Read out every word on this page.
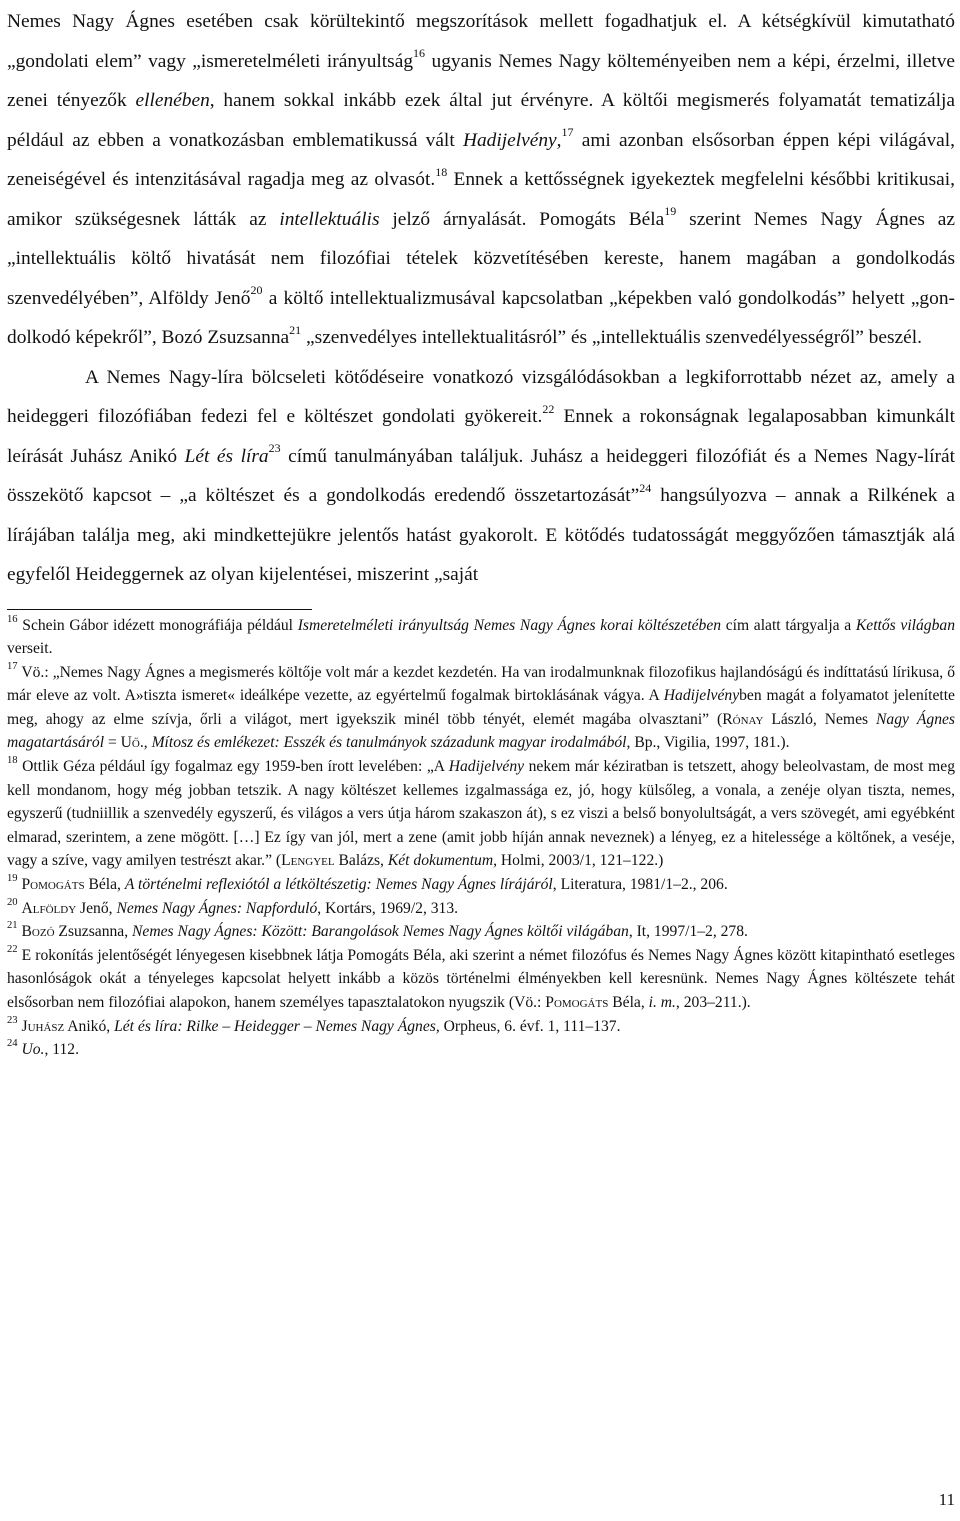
Nemes Nagy Ágnes esetében csak körültekintő megszorítások mellett fogadhatjuk el. A kétségkívül kimutatható „gondolati elem” vagy „ismeretelméleti irányultság$^{16}$ ugyanis Nemes Nagy költeményeiben nem a képi, érzelmi, illetve zenei tényezők ellenében, hanem sokkal inkább ezek által jut érvényre. A költői megismerés folyamatát tematizálja például az ebben a vonatkozásban emblematikussá vált Hadijelvény,$^{17}$ ami azonban elsősorban éppen képi világával, zeneiségével és intenzitásával ragadja meg az olvasót.$^{18}$ Ennek a kettősségnek igyekeztek megfelelni későbbi kritikusai, amikor szükségesnek látták az intellektuális jelző árnyalását. Pomogáts Béla$^{19}$ szerint Nemes Nagy Ágnes az „intellektuális költő hivatását nem filozófiai tételek közvetítésében kereste, hanem magában a gondolkodás szenvedélyében”, Alföldy Jenő$^{20}$ a költő intellektualizmusával kapcsolatban „képekben való gondolkodás” helyett „gondolkodó képekről”, Bozó Zsuzsanna$^{21}$ „szenvedélyes intellektualitásról” és „intellektuális szenvedélyességről” beszél.

A Nemes Nagy-líra bölcseleti kötődéseire vonatkozó vizsgálódásokban a legkiforrottabb nézet az, amely a heideggeri filozófiában fedezi fel e költészet gondolati gyökereit.$^{22}$ Ennek a rokonságnak legalaposabban kimunkált leírását Juhász Anikó Lét és líra$^{23}$ című tanulmányában találjuk. Juhász a heideggeri filozófiát és a Nemes Nagy-lírát összekötő kapcsot – „a költészet és a gondolkodás eredendő összetartozását”$^{24}$ hangsúlyozva – annak a Rilkének a lírájában találja meg, aki mindkettejükre jelentős hatást gyakorolt. E kötődés tudatosságát meggyőzően támasztják alá egyfelől Heideggernek az olyan kijelentései, miszerint „saját

$^{16}$ Schein Gábor idézett monográfiája például Ismeretelméleti irányultság Nemes Nagy Ágnes korai költészetében cím alatt tárgyalja a Kettős világban verseit.

$^{17}$ Vö.: „Nemes Nagy Ágnes a megismerés költője volt már a kezdet kezdetén. Ha van irodalmunknak filozofikus hajlandóságú és indíttatású lírikusa, ő már eleve az volt. A»tiszta ismeret« ideálképe vezette, az egyértelmű fogalmak birtoklásának vágya. A Hadijelvényben magát a folyamatot jelenítette meg, ahogy az elme szívja, őrli a világot, mert igyekszik minél több tényét, elemét magába olvasztani” (Rónay László, Nemes Nagy Ágnes magatartásáról = Uő., Mítosz és emlékezet: Esszék és tanulmányok századunk magyar irodalmából, Bp., Vigilia, 1997, 181.).

$^{18}$ Ottlik Géza például így fogalmaz egy 1959-ben írott levelében: „A Hadijelvény nekem már kéziratban is tetszett, ahogy beleolvastam, de most meg kell mondanom, hogy még jobban tetszik. A nagy költészet kellemes izgalmassága ez, jó, hogy külsőleg, a vonala, a zenéje olyan tiszta, nemes, egyszerű (tudniillik a szenvedély egyszerű, és világos a vers útja három szakaszon át), s ez viszi a belső bonyolultságát, a vers szövegét, ami egyébként elmarad, szerintem, a zene mögött. […] Ez így van jól, mert a zene (amit jobb híján annak neveznek) a lényeg, ez a hitelessége a költőnek, a veséje, vagy a szíve, vagy amilyen testrészt akar.” (Lengyel Balázs, Két dokumentum, Holmi, 2003/1, 121–122.)

$^{19}$ Pomogáts Béla, A történelmi reflexiótól a létköltészetig: Nemes Nagy Ágnes lírájáról, Literatura, 1981/1–2., 206.

$^{20}$ Alföldy Jenő, Nemes Nagy Ágnes: Napforduló, Kortárs, 1969/2, 313.

$^{21}$ Bozó Zsuzsanna, Nemes Nagy Ágnes: Között: Barangolások Nemes Nagy Ágnes költői világában, It, 1997/1–2, 278.

$^{22}$ E rokonítás jelentőségét lényegesen kisebbnek látja Pomogáts Béla, aki szerint a német filozófus és Nemes Nagy Ágnes között kitapintható esetleges hasonlóságok okát a tényeleges kapcsolat helyett inkább a közös történelmi élményekben kell keresnünk. Nemes Nagy Ágnes költészete tehát elsősorban nem filozófiai alapokon, hanem személyes tapasztalatokon nyugszik (Vö.: Pomogáts Béla, i. m., 203–211.).

$^{23}$ Juhász Anikó, Lét és líra: Rilke – Heidegger – Nemes Nagy Ágnes, Orpheus, 6. évf. 1, 111–137.

$^{24}$ Uo., 112.

11
